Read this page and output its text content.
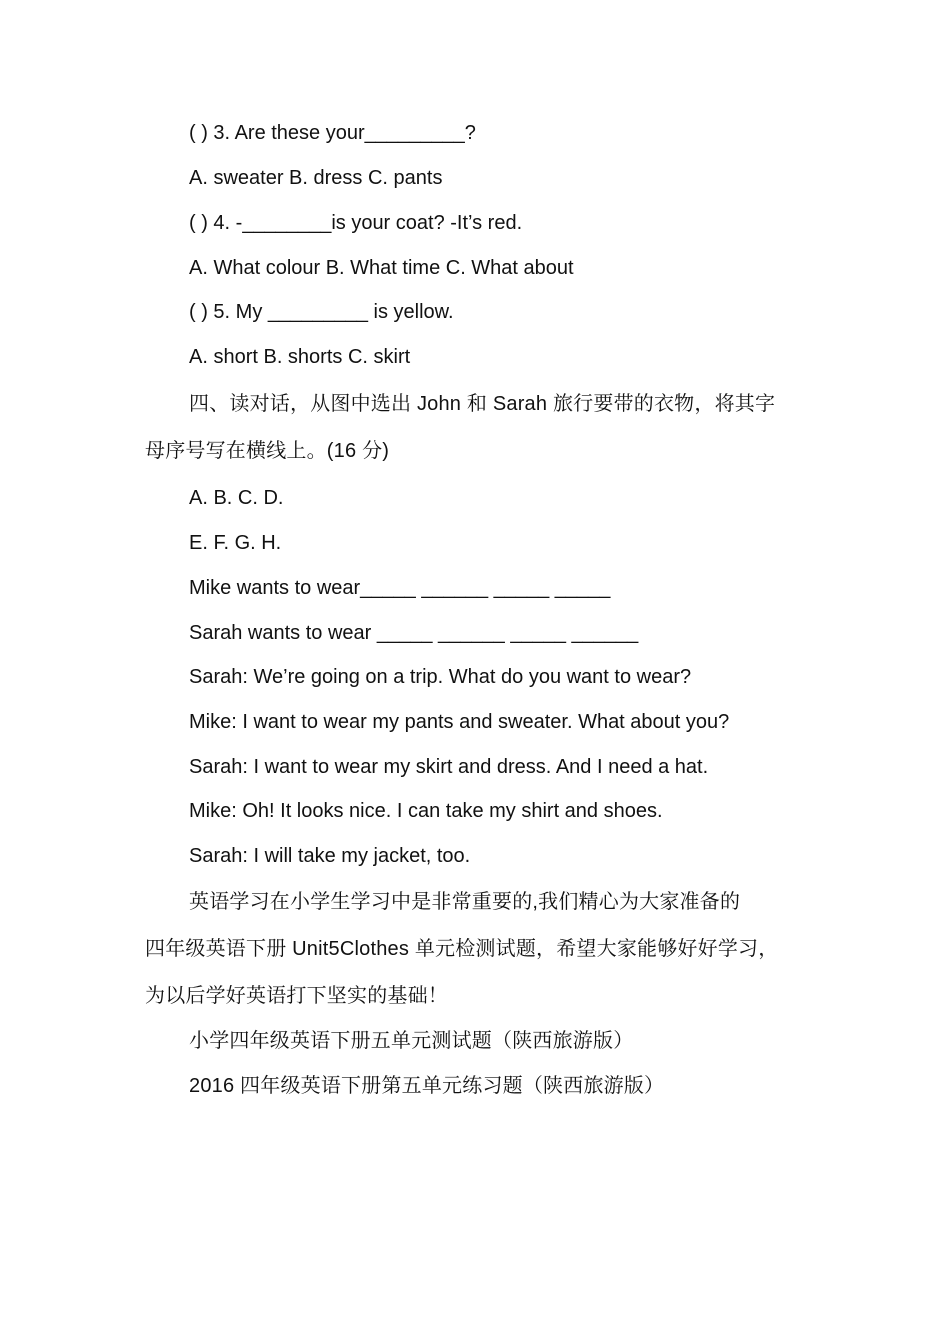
( ) 3. Are these your_________?
A. sweater B. dress C. pants
( ) 4. -________is your coat? -It’s red.
A. What colour B. What time C. What about
( ) 5. My _________ is yellow.
A. short B. shorts C. skirt
四、读对话，从图中选出 John 和 Sarah 旅行要带的衣物，将其字
母序号写在横线上。(16 分)
A. B. C. D.
E. F. G. H.
Mike wants to wear_____ ______ _____ _____
Sarah wants to wear _____ ______ _____ ______
Sarah: We’re going on a trip. What do you want to wear?
Mike: I want to wear my pants and sweater. What about you?
Sarah: I want to wear my skirt and dress. And I need a hat.
Mike: Oh! It looks nice. I can take my shirt and shoes.
Sarah: I will take my jacket, too.
英语学习在小学生学习中是非常重要的,我们精心为大家准备的
四年级英语下册 Unit5Clothes 单元检测试题，希望大家能够好好学习，
为以后学好英语打下坚实的基础！
小学四年级英语下册五单元测试题（陕西旅游版）
2016 四年级英语下册第五单元练习题（陕西旅游版）
